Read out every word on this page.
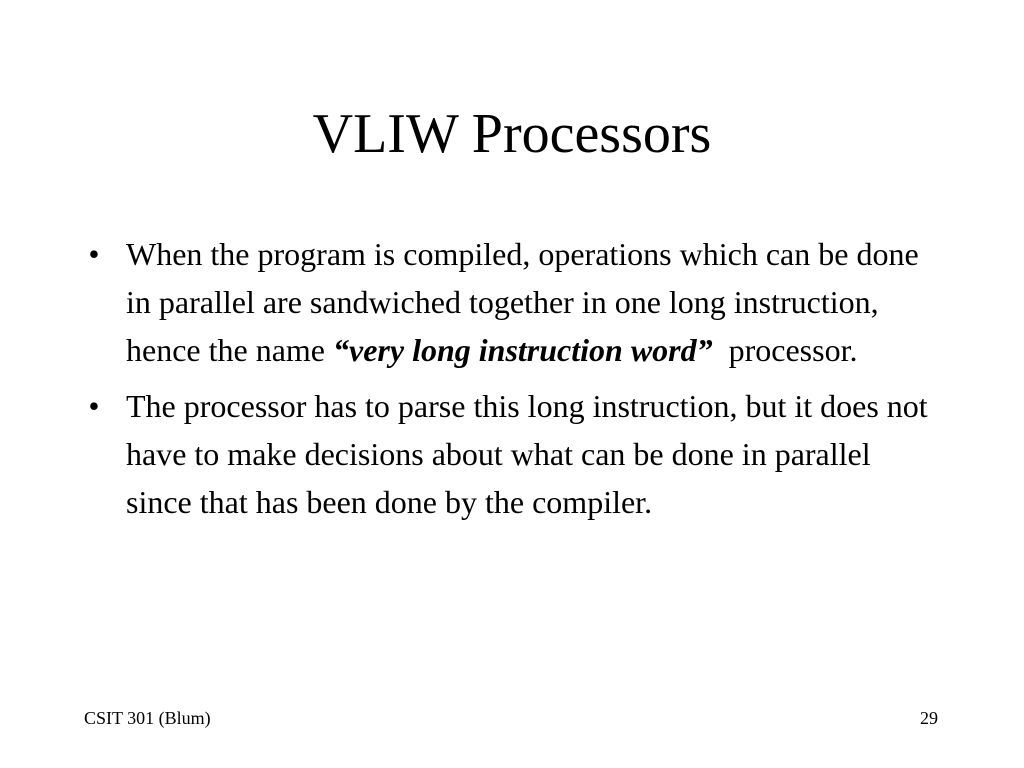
VLIW Processors
• When the program is compiled, operations which can be done in parallel are sandwiched together in one long instruction, hence the name “very long instruction word”  processor.
• The processor has to parse this long instruction, but it does not have to make decisions about what can be done in parallel since that has been done by the compiler.
CSIT 301 (Blum)	29
